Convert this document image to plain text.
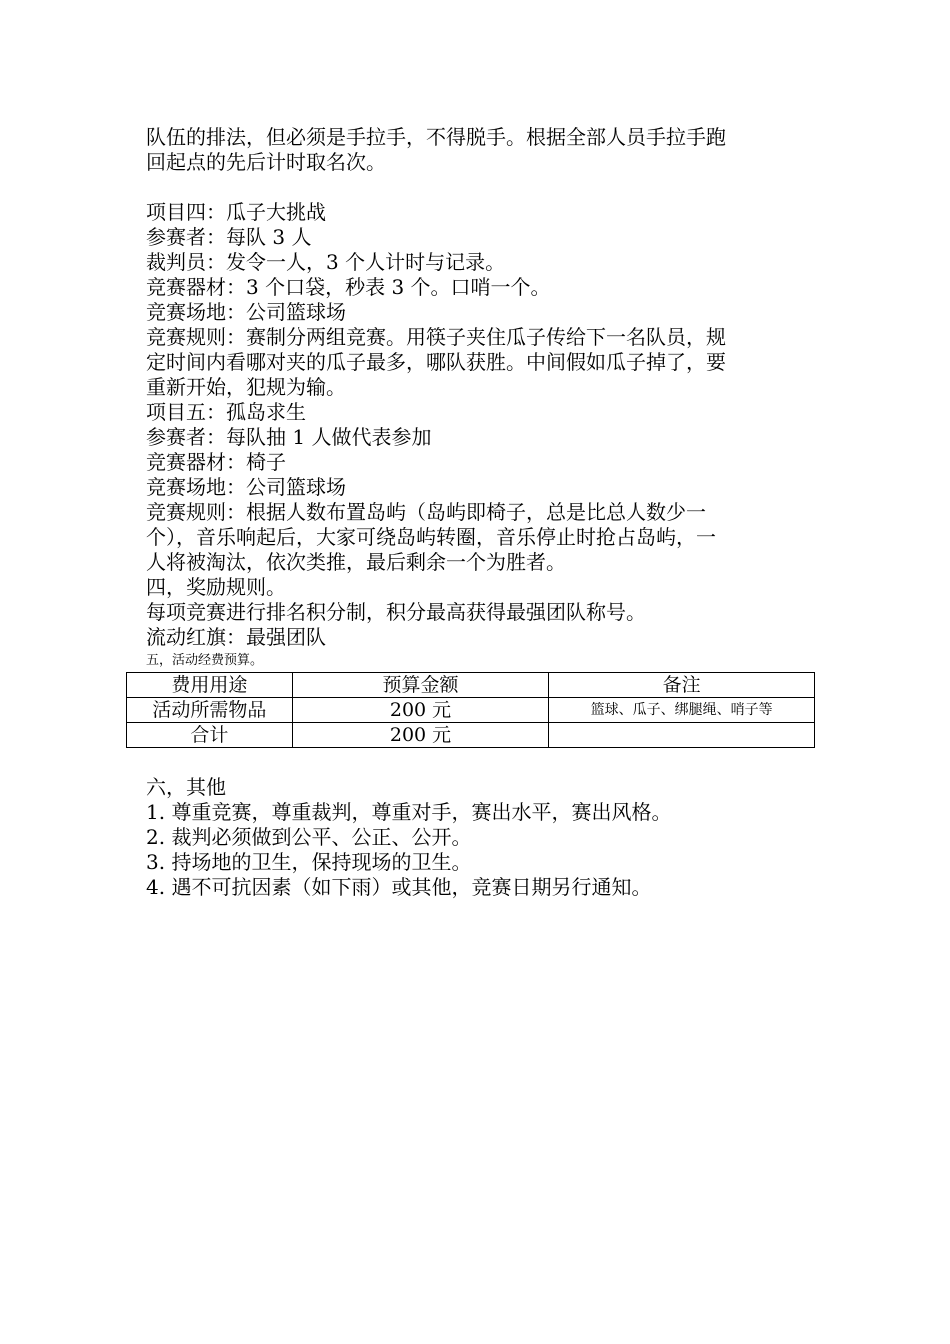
队伍的排法，但必须是手拉手，不得脱手。根据全部人员手拉手跑

回起点的先后计时取名次。

项目四：瓜子大挑战

参赛者：每队 3 人

裁判员：发令一人，3 个人计时与记录。

竞赛器材：3 个口袋，秒表 3 个。口哨一个。

竞赛场地：公司篮球场

竞赛规则：赛制分两组竞赛。用筷子夹住瓜子传给下一名队员，规

定时间内看哪对夹的瓜子最多，哪队获胜。中间假如瓜子掉了，要

重新开始，犯规为输。

项目五：孤岛求生

参赛者：每队抽 1 人做代表参加

竞赛器材：椅子

竞赛场地：公司篮球场

竞赛规则：根据人数布置岛屿（岛屿即椅子，总是比总人数少一

个），音乐响起后，大家可绕岛屿转圈，音乐停止时抢占岛屿，一

人将被淘汰，依次类推，最后剩余一个为胜者。

四，奖励规则。

每项竞赛进行排名积分制，积分最高获得最强团队称号。

流动红旗：最强团队

五，活动经费预算。

费用用途	预算金额	备注
活动所需物品	200 元	篮球、瓜子、绑腿绳、哨子等
合计	200 元	

六，其他

1. 尊重竞赛，尊重裁判，尊重对手，赛出水平，赛出风格。

2. 裁判必须做到公平、公正、公开。

3. 持场地的卫生，保持现场的卫生。

4. 遇不可抗因素（如下雨）或其他，竞赛日期另行通知。
